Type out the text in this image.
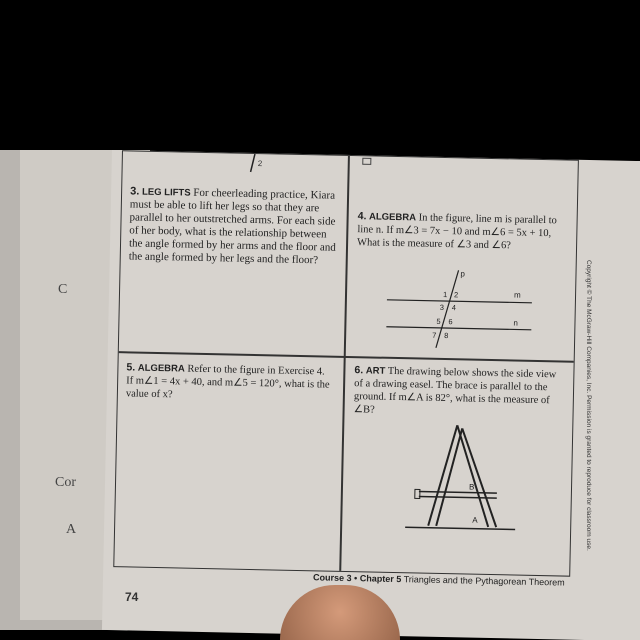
C
Cor
A
2
3. LEG LIFTS For cheerleading practice, Kiara must be able to lift her legs so that they are parallel to her outstretched arms. For each side of her body, what is the relationship between the angle formed by her arms and the floor and the angle formed by her legs and the floor?
4. ALGEBRA In the figure, line m is parallel to line n. If m∠3 = 7x − 10 and m∠6 = 5x + 10, What is the measure of ∠3 and ∠6?
p
m
n
1 2
3 4
5 6
7 8
5. ALGEBRA Refer to the figure in Exercise 4. If m∠1 = 4x + 40, and m∠5 = 120°, what is the value of x?
6. ART The drawing below shows the side view of a drawing easel. The brace is parallel to the ground. If m∠A is 82°, what is the measure of ∠B?
B
A
Course 3 • Chapter 5 Triangles and the Pythagorean Theorem
Copyright © The McGraw-Hill Companies, Inc. Permission is granted to reproduce for classroom use.
74
